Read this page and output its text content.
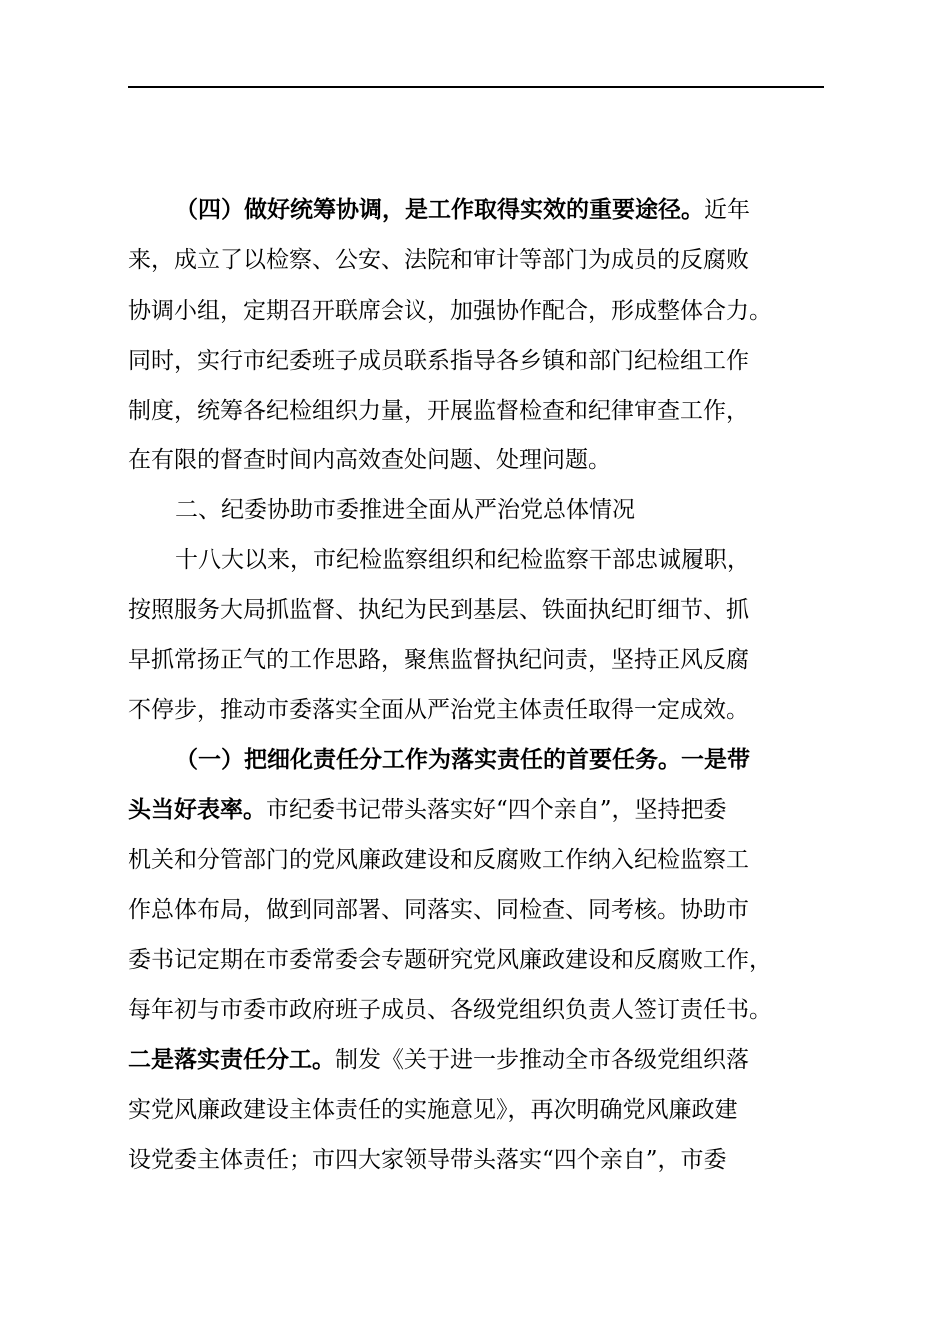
（四）做好统筹协调，是工作取得实效的重要途径。近年
来，成立了以检察、公安、法院和审计等部门为成员的反腐败
协调小组，定期召开联席会议，加强协作配合，形成整体合力。
同时，实行市纪委班子成员联系指导各乡镇和部门纪检组工作
制度，统筹各纪检组织力量，开展监督检查和纪律审查工作，
在有限的督查时间内高效查处问题、处理问题。
二、纪委协助市委推进全面从严治党总体情况
十八大以来，市纪检监察组织和纪检监察干部忠诚履职，
按照服务大局抓监督、执纪为民到基层、铁面执纪盯细节、抓
早抓常扬正气的工作思路，聚焦监督执纪问责，坚持正风反腐
不停步，推动市委落实全面从严治党主体责任取得一定成效。
（一）把细化责任分工作为落实责任的首要任务。一是带
头当好表率。市纪委书记带头落实好“四个亲自”，坚持把委
机关和分管部门的党风廉政建设和反腐败工作纳入纪检监察工
作总体布局，做到同部署、同落实、同检查、同考核。协助市
委书记定期在市委常委会专题研究党风廉政建设和反腐败工作，
每年初与市委市政府班子成员、各级党组织负责人签订责任书。
二是落实责任分工。制发《关于进一步推动全市各级党组织落
实党风廉政建设主体责任的实施意见》，再次明确党风廉政建
设党委主体责任；市四大家领导带头落实“四个亲自”，市委
